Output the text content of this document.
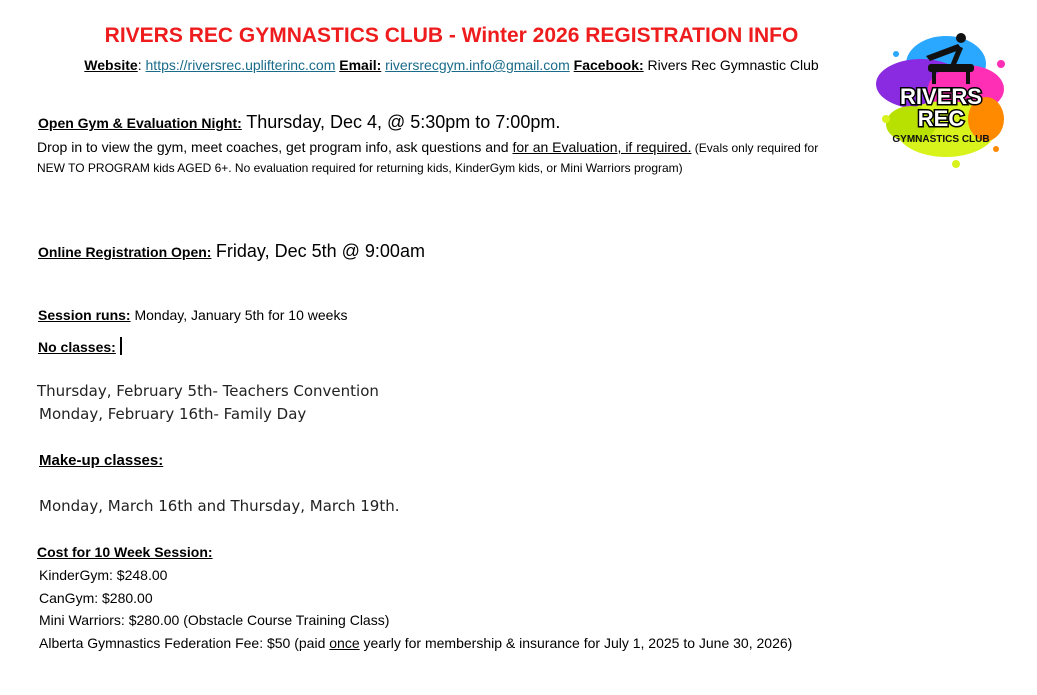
RIVERS REC GYMNASTICS CLUB - Winter 2026 REGISTRATION INFO
Website: https://riversrec.uplifterinc.com Email: riversrecgym.info@gmail.com Facebook: Rivers Rec Gymnastic Club
RIVERS
REC
GYMNASTICS CLUB
Open Gym & Evaluation Night: Thursday, Dec 4, @ 5:30pm to 7:00pm.
Drop in to view the gym, meet coaches, get program info, ask questions and for an Evaluation, if required. (Evals only required for NEW TO PROGRAM kids AGED 6+. No evaluation required for returning kids, KinderGym kids, or Mini Warriors program)
Online Registration Open: Friday, Dec 5th @ 9:00am
Session runs: Monday, January 5th for 10 weeks
No classes:
Thursday, February 5th- Teachers Convention
Monday, February 16th- Family Day
Make-up classes:
Monday, March 16th and Thursday, March 19th.
Cost for 10 Week Session:
KinderGym: $248.00
CanGym: $280.00
Mini Warriors: $280.00 (Obstacle Course Training Class)
Alberta Gymnastics Federation Fee: $50 (paid once yearly for membership & insurance for July 1, 2025 to June 30, 2026)
